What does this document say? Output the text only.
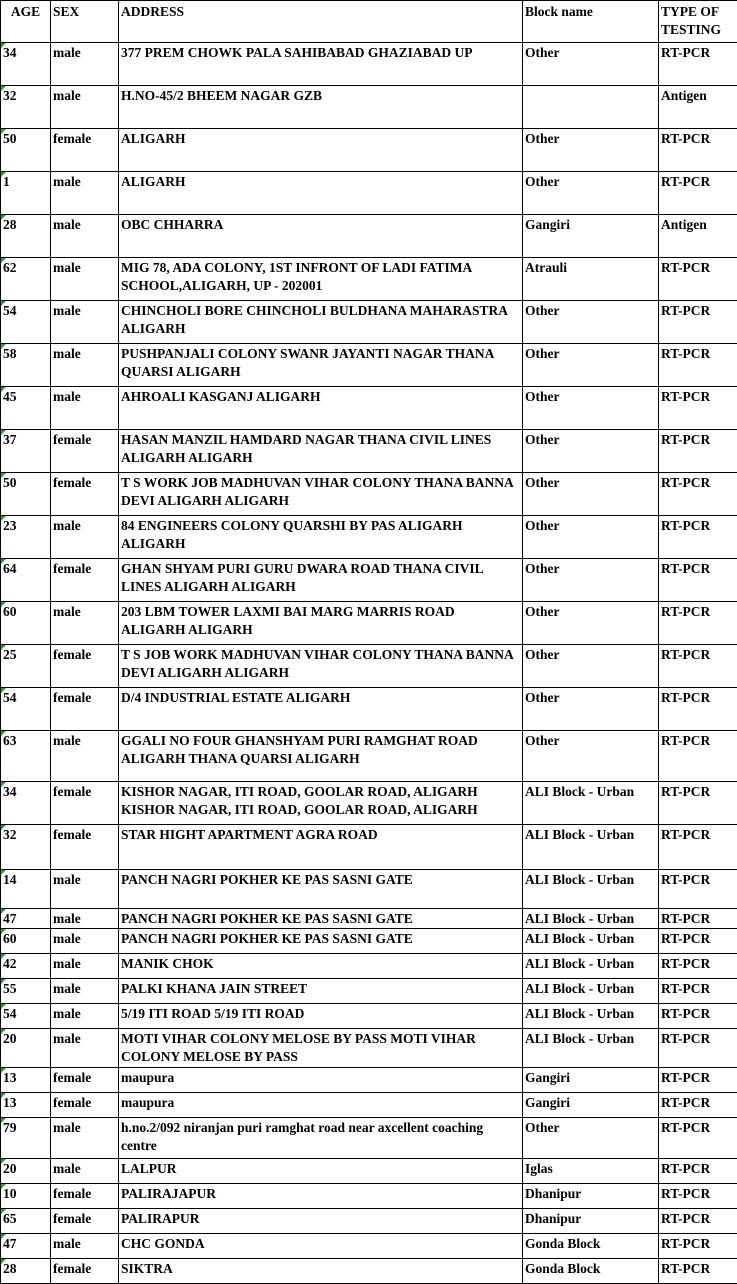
AGE	SEX	ADDRESS	Block name	TYPE OF TESTING
34	male	377 PREM CHOWK PALA SAHIBABAD GHAZIABAD UP	Other	RT-PCR
32	male	H.NO-45/2 BHEEM NAGAR GZB		Antigen
50	female	ALIGARH	Other	RT-PCR
1	male	ALIGARH	Other	RT-PCR
28	male	OBC CHHARRA	Gangiri	Antigen
62	male	MIG 78, ADA COLONY, 1ST INFRONT OF LADI FATIMA SCHOOL,ALIGARH, UP - 202001	Atrauli	RT-PCR
54	male	CHINCHOLI BORE CHINCHOLI BULDHANA MAHARASTRA ALIGARH	Other	RT-PCR
58	male	PUSHPANJALI COLONY SWANR JAYANTI NAGAR THANA QUARSI ALIGARH	Other	RT-PCR
45	male	AHROALI KASGANJ ALIGARH	Other	RT-PCR
37	female	HASAN MANZIL HAMDARD NAGAR THANA CIVIL LINES ALIGARH ALIGARH	Other	RT-PCR
50	female	T S WORK JOB MADHUVAN VIHAR COLONY THANA BANNA DEVI ALIGARH ALIGARH	Other	RT-PCR
23	male	84 ENGINEERS COLONY QUARSHI BY PAS ALIGARH ALIGARH	Other	RT-PCR
64	female	GHAN SHYAM PURI GURU DWARA ROAD THANA CIVIL LINES ALIGARH ALIGARH	Other	RT-PCR
60	male	203 LBM TOWER LAXMI BAI MARG MARRIS ROAD ALIGARH ALIGARH	Other	RT-PCR
25	female	T S JOB WORK MADHUVAN VIHAR COLONY THANA BANNA DEVI ALIGARH ALIGARH	Other	RT-PCR
54	female	D/4 INDUSTRIAL ESTATE ALIGARH	Other	RT-PCR
63	male	GGALI NO FOUR GHANSHYAM PURI RAMGHAT ROAD ALIGARH THANA QUARSI ALIGARH	Other	RT-PCR
34	female	KISHOR NAGAR, ITI ROAD, GOOLAR ROAD, ALIGARH KISHOR NAGAR, ITI ROAD, GOOLAR ROAD, ALIGARH	ALI Block - Urban	RT-PCR
32	female	STAR HIGHT APARTMENT AGRA ROAD	ALI Block - Urban	RT-PCR
14	male	PANCH NAGRI POKHER KE PAS SASNI GATE	ALI Block - Urban	RT-PCR
47	male	PANCH NAGRI POKHER KE PAS SASNI GATE	ALI Block - Urban	RT-PCR
60	male	PANCH NAGRI POKHER KE PAS SASNI GATE	ALI Block - Urban	RT-PCR
42	male	MANIK CHOK	ALI Block - Urban	RT-PCR
55	male	PALKI KHANA JAIN STREET	ALI Block - Urban	RT-PCR
54	male	5/19 ITI ROAD 5/19 ITI ROAD	ALI Block - Urban	RT-PCR
20	male	MOTI VIHAR COLONY MELOSE BY PASS MOTI VIHAR COLONY MELOSE BY PASS	ALI Block - Urban	RT-PCR
13	female	maupura	Gangiri	RT-PCR
13	female	maupura	Gangiri	RT-PCR
79	male	h.no.2/092 niranjan puri ramghat road near axcellent coaching centre	Other	RT-PCR
20	male	LALPUR	Iglas	RT-PCR
10	female	PALIRAJAPUR	Dhanipur	RT-PCR
65	female	PALIRAPUR	Dhanipur	RT-PCR
47	male	CHC GONDA	Gonda Block	RT-PCR
28	female	SIKTRA	Gonda Block	RT-PCR
